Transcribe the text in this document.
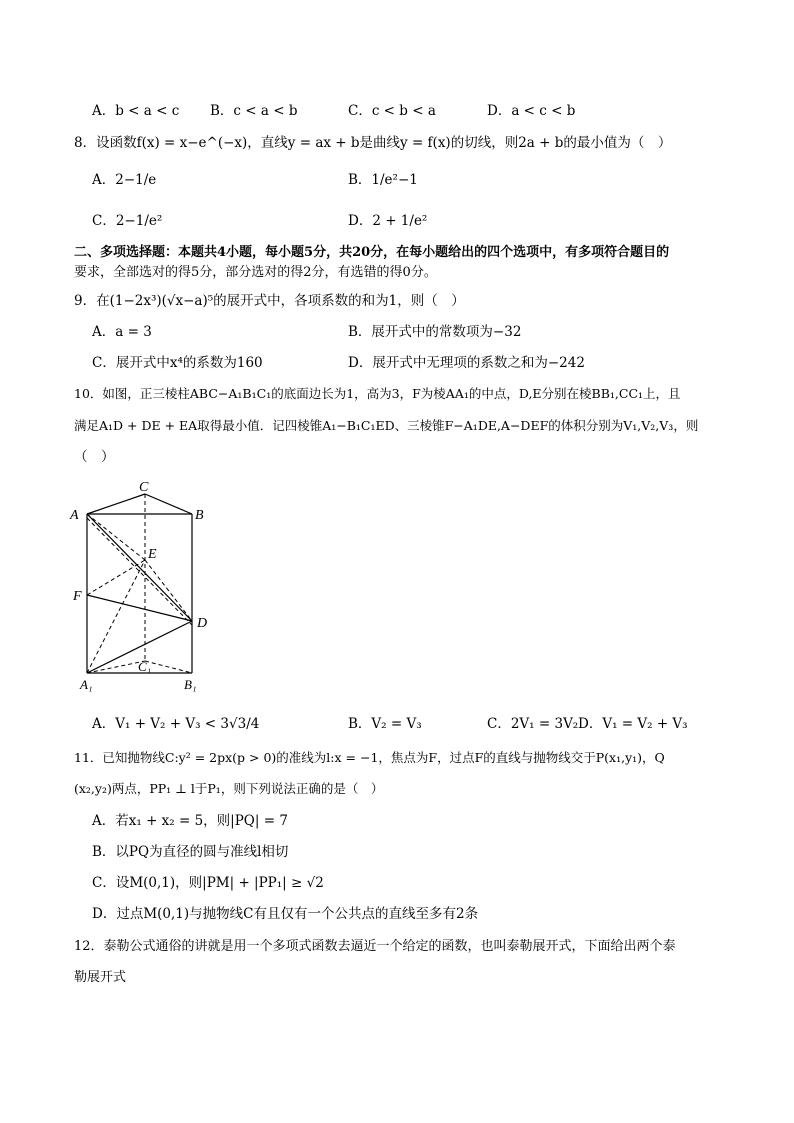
A．b < a < c B．c < a < b	C．c < b < a	D．a < c < b
8．设函数f(x) = x−e^(−x)，直线y = ax + b是曲线y = f(x)的切线，则2a + b的最小值为（　）
A．2−1/e	B．1/e²−1
C．2−1/e²	D．2 + 1/e²
二、多项选择题：本题共4小题，每小题5分，共20分，在每小题给出的四个选项中，有多项符合题目的
要求，全部选对的得5分，部分选对的得2分，有选错的得0分。
9．在(1−2x³)(√x−a)⁵的展开式中，各项系数的和为1，则（　）
A．a = 3	B．展开式中的常数项为−32
C．展开式中x⁴的系数为160	D．展开式中无理项的系数之和为−242
10．如图，正三棱柱ABC−A₁B₁C₁的底面边长为1，高为3，F为棱AA₁的中点，D,E分别在棱BB₁,CC₁上，且
满足A₁D + DE + EA取得最小值．记四棱锥A₁−B₁C₁ED、三棱锥F−A₁DE,A−DEF的体积分别为V₁,V₂,V₃，则
（　）
C
A	B
E
F
D
C₁
A₁	B₁
A．V₁ + V₂ + V₃ < 3√3/4	B．V₂ = V₃	C．2V₁ = 3V₂ D．V₁ = V₂ + V₃
11．已知抛物线C:y² = 2px(p > 0)的准线为l:x = −1，焦点为F，过点F的直线与抛物线交于P(x₁,y₁)，Q
(x₂,y₂)两点，PP₁ ⊥ l于P₁，则下列说法正确的是（　）
A．若x₁ + x₂ = 5，则|PQ| = 7
B．以PQ为直径的圆与准线l相切
C．设M(0,1)，则|PM| + |PP₁| ≥ √2
D．过点M(0,1)与抛物线C有且仅有一个公共点的直线至多有2条
12．泰勒公式通俗的讲就是用一个多项式函数去逼近一个给定的函数，也叫泰勒展开式，下面给出两个泰
勒展开式
